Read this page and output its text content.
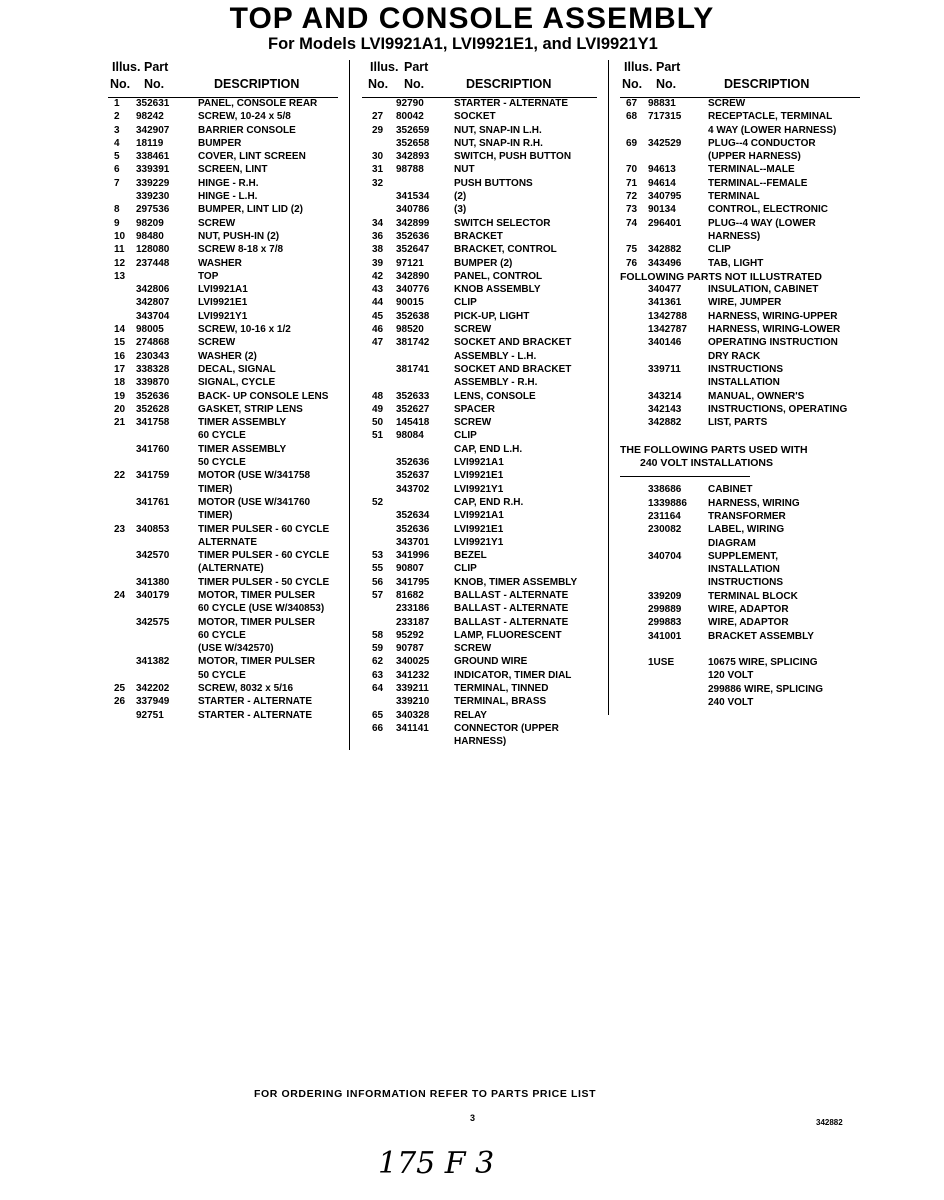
TOP AND CONSOLE ASSEMBLY
For Models LVI9921A1, LVI9921E1, and LVI9921Y1
Illus. Part
No. No.	DESCRIPTION
1 352631	PANEL, CONSOLE REAR
2 98242	SCREW, 10-24 x 5/8
3 342907	BARRIER CONSOLE
4 18119	BUMPER
5 338461	COVER, LINT SCREEN
6 339391	SCREEN, LINT
7 339229	HINGE - R.H.
339230	HINGE - L.H.
8 297536	BUMPER, LINT LID (2)
9 98209	SCREW
10 98480	NUT, PUSH-IN (2)
11 128080	SCREW 8-18 x 7/8
12 237448	WASHER
13	TOP
342806	LVI9921A1
342807	LVI9921E1
343704	LVI9921Y1
14 98005	SCREW, 10-16 x 1/2
15 274868	SCREW
16 230343	WASHER (2)
17 338328	DECAL, SIGNAL
18 339870	SIGNAL, CYCLE
19 352636	BACK- UP CONSOLE LENS
20 352628	GASKET, STRIP LENS
21 341758	TIMER ASSEMBLY
60 CYCLE
341760	TIMER ASSEMBLY
50 CYCLE
22 341759	MOTOR (USE W/341758
TIMER)
341761	MOTOR (USE W/341760
TIMER)
23 340853	TIMER PULSER - 60 CYCLE
ALTERNATE
342570	TIMER PULSER - 60 CYCLE
(ALTERNATE)
341380	TIMER PULSER - 50 CYCLE
24 340179	MOTOR, TIMER PULSER
60 CYCLE (USE W/340853)
342575	MOTOR, TIMER PULSER
60 CYCLE
(USE W/342570)
341382	MOTOR, TIMER PULSER
50 CYCLE
25 342202	SCREW, 8032 x 5/16
26 337949	STARTER - ALTERNATE
92751	STARTER - ALTERNATE
Illus. Part
No. No.	DESCRIPTION
92790	STARTER - ALTERNATE
27 80042	SOCKET
29 352659 NUT, SNAP-IN L.H.
352658 NUT, SNAP-IN R.H.
30 342893 SWITCH, PUSH BUTTON
31 98788	NUT
32	PUSH BUTTONS
341534 (2)
340786 (3)
34 342899 SWITCH SELECTOR
36 352636 BRACKET
38 352647 BRACKET, CONTROL
39 97121	BUMPER (2)
42 342890 PANEL, CONTROL
43 340776 KNOB ASSEMBLY
44 90015	CLIP
45 352638 PICK-UP, LIGHT
46 98520	SCREW
47 381742 SOCKET AND BRACKET
ASSEMBLY - L.H.
381741 SOCKET AND BRACKET
ASSEMBLY - R.H.
48 352633 LENS, CONSOLE
49 352627 SPACER
50 145418 SCREW
51 98084	CLIP
CAP, END L.H.
352636 LVI9921A1
352637 LVI9921E1
343702 LVI9921Y1
52	CAP, END R.H.
352634 LVI9921A1
352636 LVI9921E1
343701 LVI9921Y1
53 341996 BEZEL
55 90807	CLIP
56 341795 KNOB, TIMER ASSEMBLY
57 81682	BALLAST - ALTERNATE
233186 BALLAST - ALTERNATE
233187 BALLAST - ALTERNATE
58 95292	LAMP, FLUORESCENT
59 90787	SCREW
62 340025 GROUND WIRE
63 341232 INDICATOR, TIMER DIAL
64 339211	TERMINAL, TINNED
339210 TERMINAL, BRASS
65 340328 RELAY
66 341141	CONNECTOR (UPPER
HARNESS)
Illus. Part
No. No.	DESCRIPTION
67 98831	SCREW
68 717315	RECEPTACLE, TERMINAL
4 WAY (LOWER HARNESS)
69 342529	PLUG--4 CONDUCTOR
(UPPER HARNESS)
70 94613	TERMINAL--MALE
71 94614	TERMINAL--FEMALE
72 340795	TERMINAL
73 90134	CONTROL, ELECTRONIC
74 296401	PLUG--4 WAY (LOWER
HARNESS)
75 342882	CLIP
76 343496	TAB, LIGHT
FOLLOWING PARTS NOT ILLUSTRATED
340477	INSULATION, CABINET
341361	WIRE, JUMPER
1342788 HARNESS, WIRING-UPPER
1342787 HARNESS, WIRING-LOWER
340146	OPERATING INSTRUCTION
DRY RACK
339711	INSTRUCTIONS
INSTALLATION
343214	MANUAL, OWNER'S
342143	INSTRUCTIONS, OPERATING
342882	LIST, PARTS
THE FOLLOWING PARTS USED WITH
240 VOLT INSTALLATIONS
338686	CABINET
1339886 HARNESS, WIRING
231164	TRANSFORMER
230082	LABEL, WIRING
DIAGRAM
340704	SUPPLEMENT,
INSTALLATION
INSTRUCTIONS
339209	TERMINAL BLOCK
299889	WIRE, ADAPTOR
299883	WIRE, ADAPTOR
341001	BRACKET ASSEMBLY
1USE	10675 WIRE, SPLICING
120 VOLT
299886 WIRE, SPLICING
240 VOLT
FOR ORDERING INFORMATION REFER TO PARTS PRICE LIST
3	342882
175 F 3
